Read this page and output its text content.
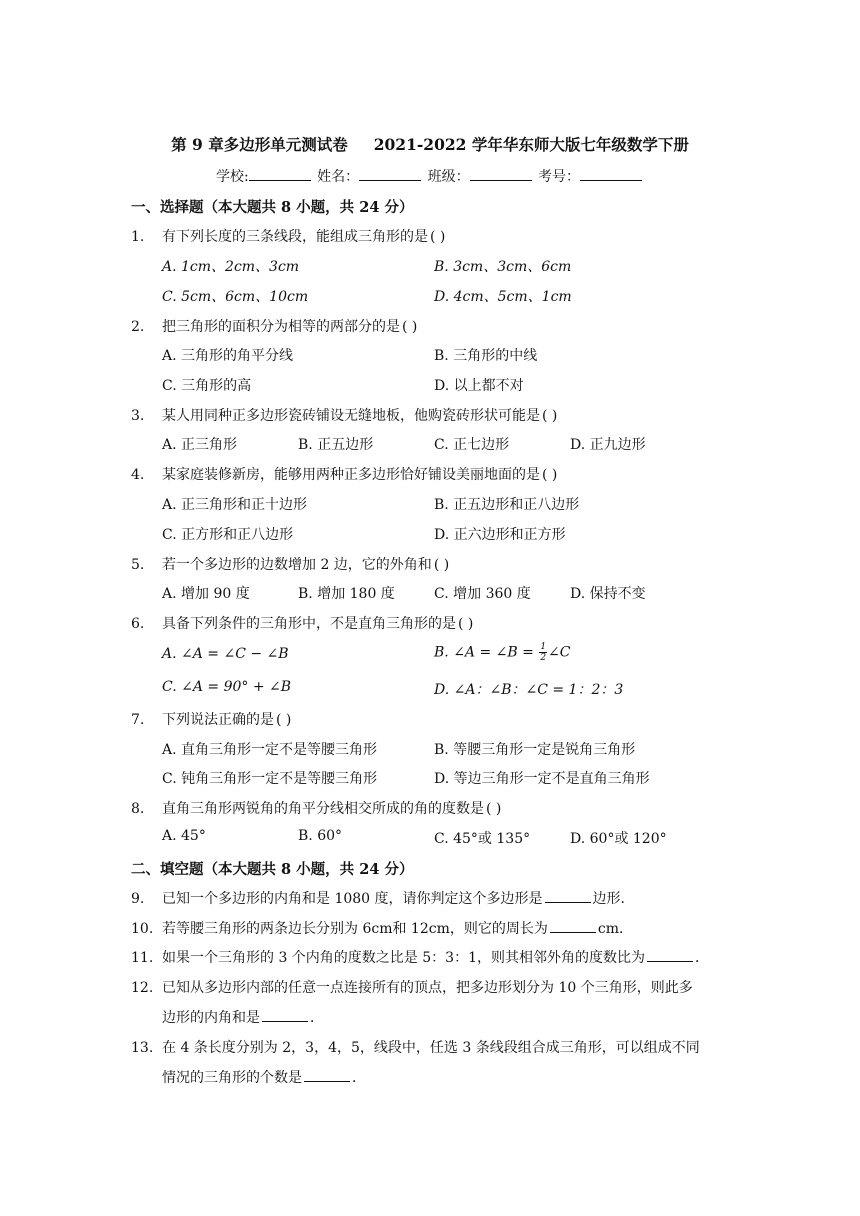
第 9 章多边形单元测试卷 2021-2022 学年华东师大版七年级数学下册
学校:	姓名：	班级：	考号：
一、选择题（本大题共 8 小题，共 24 分）
1. 有下列长度的三条线段，能组成三角形的是 ( )
A. 1cm、2cm、3cm	B. 3cm、3cm、6cm
C. 5cm、6cm、10cm	D. 4cm、5cm、1cm
2. 把三角形的面积分为相等的两部分的是 ( )
A. 三角形的角平分线	B. 三角形的中线
C. 三角形的高	D. 以上都不对
3. 某人用同种正多边形瓷砖铺设无缝地板，他购瓷砖形状可能是 ( )
A. 正三角形	B. 正五边形	C. 正七边形	D. 正九边形
4. 某家庭装修新房，能够用两种正多边形恰好铺设美丽地面的是 ( )
A. 正三角形和正十边形	B. 正五边形和正八边形
C. 正方形和正八边形	D. 正六边形和正方形
5. 若一个多边形的边数增加 2 边，它的外角和 ( )
A. 增加 90 度	B. 增加 180 度	C. 增加 360 度	D. 保持不变
6. 具备下列条件的三角形中，不是直角三角形的是 ( )
A. ∠A = ∠C − ∠B	B. ∠A = ∠B = $\frac{1}{2}$ ∠C
C. ∠A = 90° + ∠B	D. ∠A：∠B：∠C = 1：2：3
7. 下列说法正确的是 ( )
A. 直角三角形一定不是等腰三角形	B. 等腰三角形一定是锐角三角形
C. 钝角三角形一定不是等腰三角形	D. 等边三角形一定不是直角三角形
8. 直角三角形两锐角的角平分线相交所成的角的度数是 ( )
A. 45°	B. 60°	C. 45°或 135°	D. 60°或 120°
二、填空题（本大题共 8 小题，共 24 分）
9. 已知一个多边形的内角和是 1080 度，请你判定这个多边形是	边形．
10. 若等腰三角形的两条边长分别为 6cm和 12cm，则它的周长为	cm．
11. 如果一个三角形的 3 个内角的度数之比是 5：3：1，则其相邻外角的度数比为	．
12. 已知从多边形内部的任意一点连接所有的顶点，把多边形划分为 10 个三角形，则此多
边形的内角和是	．
13. 在 4 条长度分别为 2，3，4，5，线段中，任选 3 条线段组合成三角形，可以组成不同
情况的三角形的个数是	．
